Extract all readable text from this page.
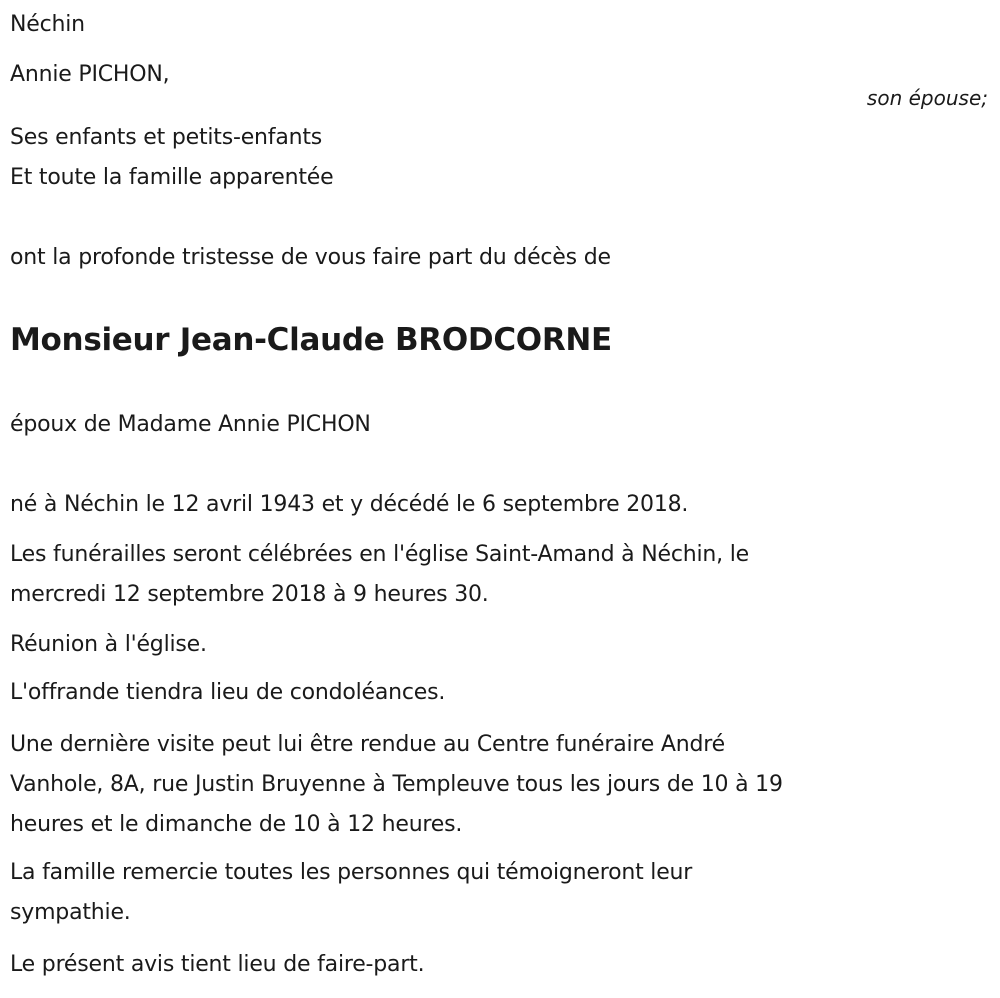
Néchin
Annie PICHON,
son épouse;
Ses enfants et petits-enfants
Et toute la famille apparentée
ont la profonde tristesse de vous faire part du décès de
Monsieur Jean-Claude BRODCORNE
époux de Madame Annie PICHON
né à Néchin le 12 avril 1943 et y décédé le 6 septembre 2018.
Les funérailles seront célébrées en l'église Saint-Amand à Néchin, le
mercredi 12 septembre 2018 à 9 heures 30.
Réunion à l'église.
L'offrande tiendra lieu de condoléances.
Une dernière visite peut lui être rendue au Centre funéraire André
Vanhole, 8A, rue Justin Bruyenne à Templeuve tous les jours de 10 à 19
heures et le dimanche de 10 à 12 heures.
La famille remercie toutes les personnes qui témoigneront leur
sympathie.
Le présent avis tient lieu de faire-part.
